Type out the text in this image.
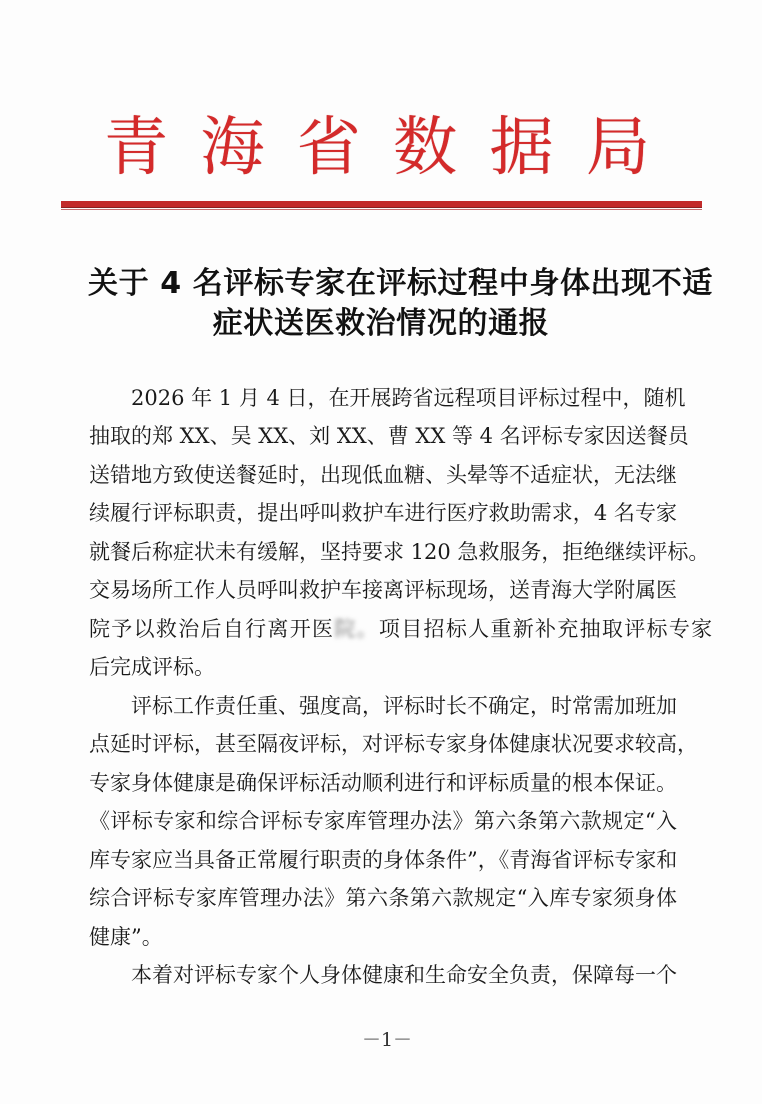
青 海 省 数 据 局
关于 4 名评标专家在评标过程中身体出现不适
症状送医救治情况的通报
2026 年 1 月 4 日，在开展跨省远程项目评标过程中，随机
抽取的郑 XX、吴 XX、刘 XX、曹 XX 等 4 名评标专家因送餐员
送错地方致使送餐延时，出现低血糖、头晕等不适症状，无法继
续履行评标职责，提出呼叫救护车进行医疗救助需求，4 名专家
就餐后称症状未有缓解，坚持要求 120 急救服务，拒绝继续评标。
交易场所工作人员呼叫救护车接离评标现场，送青海大学附属医
院予以救治后自行离开医院。项目招标人重新补充抽取评标专家
后完成评标。
评标工作责任重、强度高，评标时长不确定，时常需加班加
点延时评标，甚至隔夜评标，对评标专家身体健康状况要求较高，
专家身体健康是确保评标活动顺利进行和评标质量的根本保证。
《评标专家和综合评标专家库管理办法》第六条第六款规定“入
库专家应当具备正常履行职责的身体条件”，《青海省评标专家和
综合评标专家库管理办法》第六条第六款规定“入库专家须身体
健康”。
本着对评标专家个人身体健康和生命安全负责，保障每一个
－1－
